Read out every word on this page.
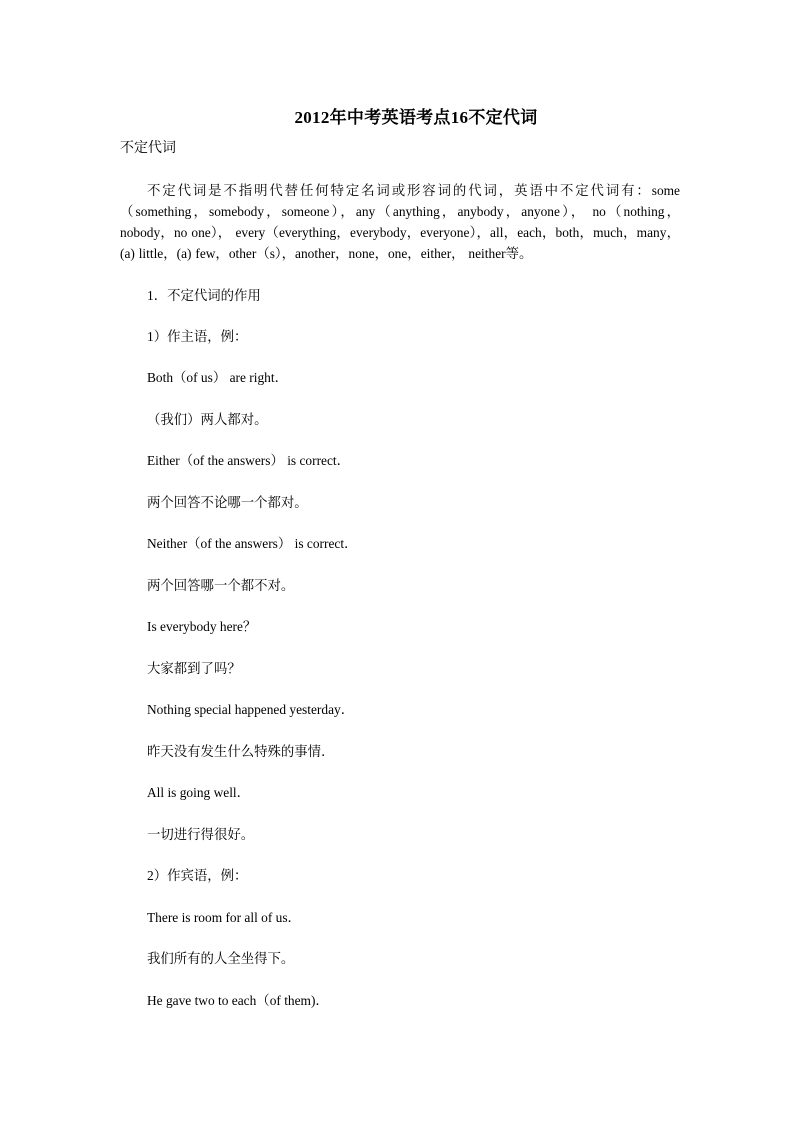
2012年中考英语考点16不定代词
不定代词
不定代词是不指明代替任何特定名词或形容词的代词，英语中不定代词有：some（something，somebody，someone），any（anything，anybody，anyone）， no（nothing，nobody，no one）， every（everything，everybody，everyone），all，each，both，much，many，(a) little，(a) few，other（s），another，none，one，either， neither等。
1．不定代词的作用
1）作主语，例：
Both（of us） are right．
（我们）两人都对。
Either（of the answers） is correct．
两个回答不论哪一个都对。
Neither（of the answers） is correct．
两个回答哪一个都不对。
Is everybody here？
大家都到了吗？
Nothing special happened yesterday．
昨天没有发生什么特殊的事情．
All is going well．
一切进行得很好。
2）作宾语，例：
There is room for all of us．
我们所有的人全坐得下。
He gave two to each（of them)．
